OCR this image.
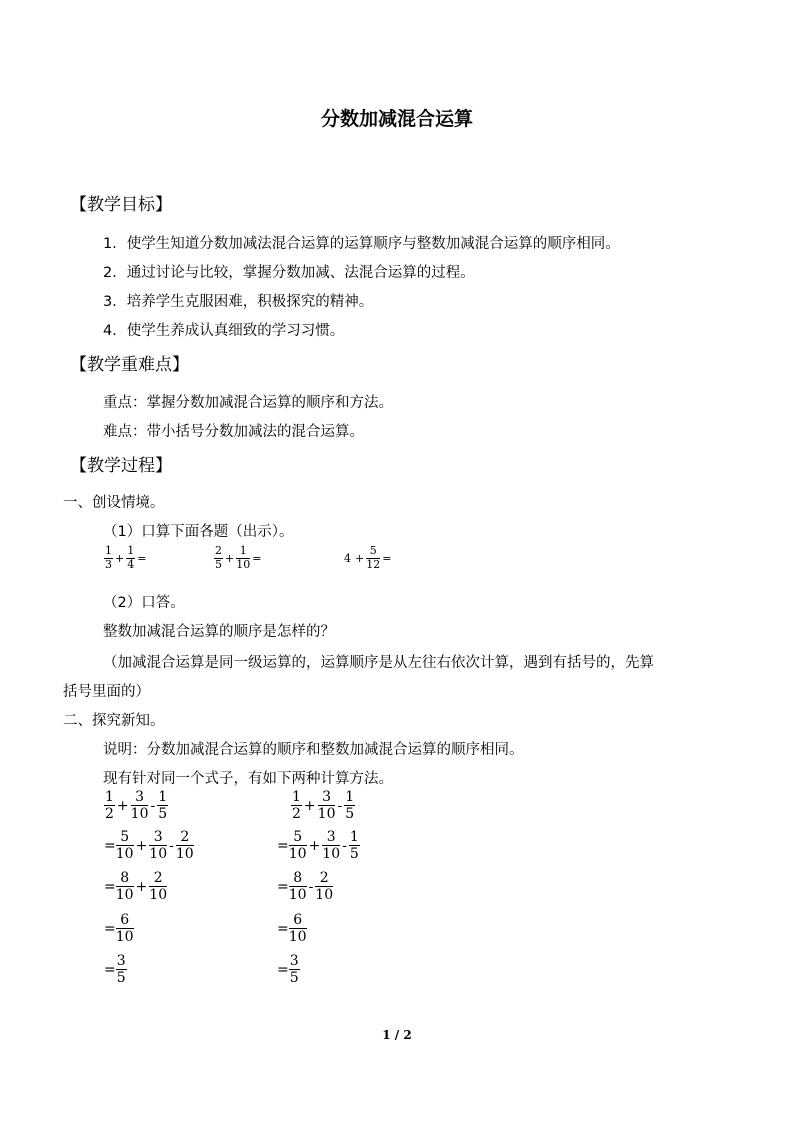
分数加减混合运算
【教学目标】
1．使学生知道分数加减法混合运算的运算顺序与整数加减混合运算的顺序相同。
2．通过讨论与比较，掌握分数加减、法混合运算的过程。
3．培养学生克服困难，积极探究的精神。
4．使学生养成认真细致的学习习惯。
【教学重难点】
重点：掌握分数加减混合运算的顺序和方法。
难点：带小括号分数加减法的混合运算。
【教学过程】
一、创设情境。
（1）口算下面各题（出示）。
$\frac{1}{3} + \frac{1}{4}$ =	$\frac{2}{5} + \frac{1}{10}$ =	$4 + \frac{5}{12}$ =
（2）口答。
整数加减混合运算的顺序是怎样的？
（加减混合运算是同一级运算的，运算顺序是从左往右依次计算，遇到有括号的，先算
括号里面的）
二、探究新知。
说明：分数加减混合运算的顺序和整数加减混合运算的顺序相同。
现有针对同一个式子，有如下两种计算方法。
$\frac{1}{2} + \frac{3}{10} - \frac{1}{5}$
= $\frac{5}{10} + \frac{3}{10} - \frac{2}{10}$
= $\frac{8}{10} + \frac{2}{10}$
= $\frac{6}{10}$
= $\frac{3}{5}$
$\frac{1}{2} + \frac{3}{10} - \frac{1}{5}$
= $\frac{5}{10} + \frac{3}{10} - \frac{1}{5}$
= $\frac{8}{10} - \frac{2}{10}$
= $\frac{6}{10}$
= $\frac{3}{5}$
1 / 2
